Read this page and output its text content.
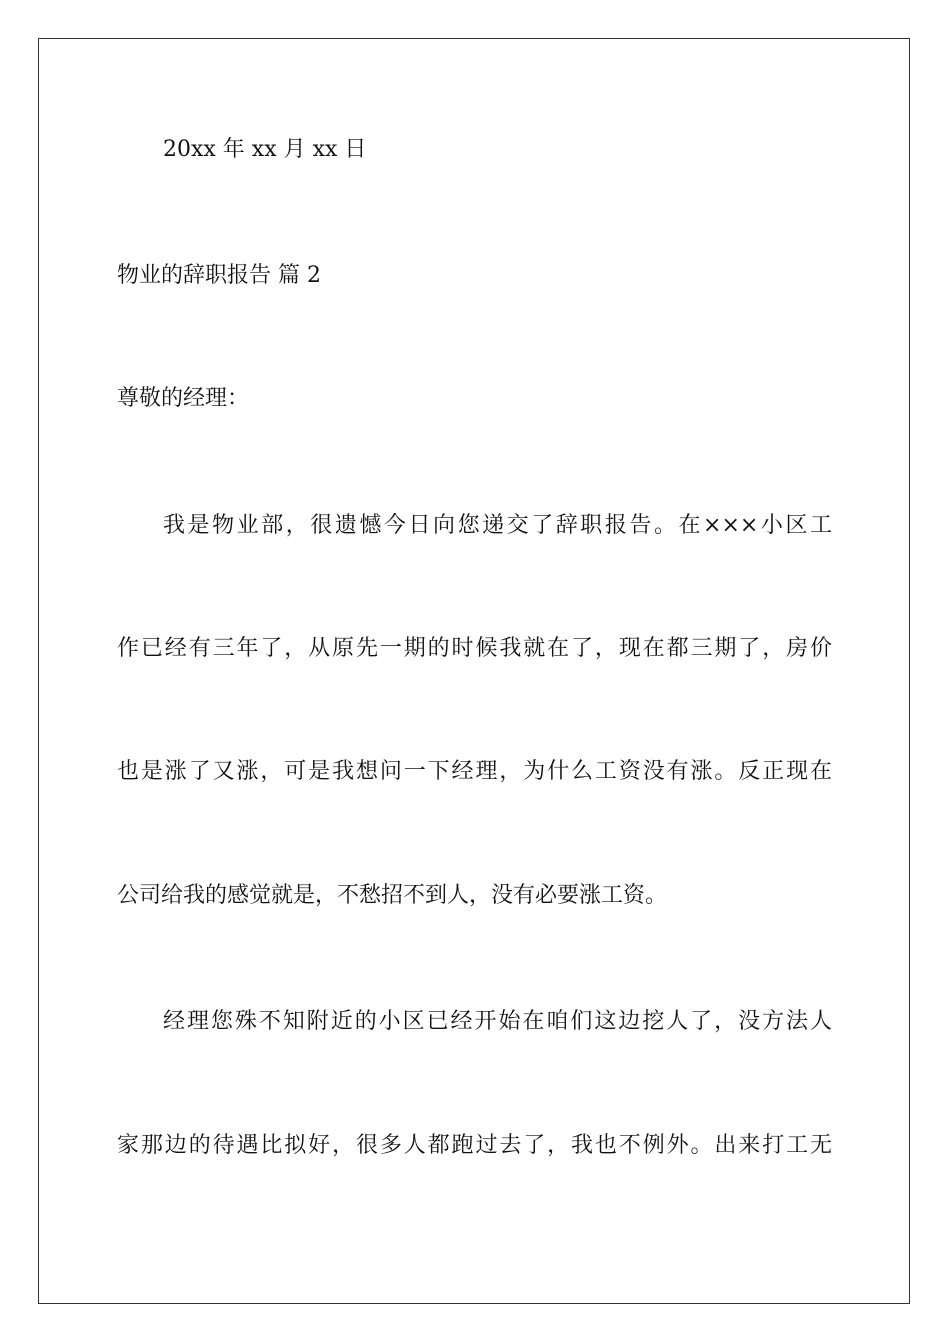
20xx 年 xx 月 xx 日
物业的辞职报告 篇 2
尊敬的经理：
我是物业部，很遗憾今日向您递交了辞职报告。在×××小区工
作已经有三年了，从原先一期的时候我就在了，现在都三期了，房价
也是涨了又涨，可是我想问一下经理，为什么工资没有涨。反正现在
公司给我的感觉就是，不愁招不到人，没有必要涨工资。
经理您殊不知附近的小区已经开始在咱们这边挖人了，没方法人
家那边的待遇比拟好，很多人都跑过去了，我也不例外。出来打工无
